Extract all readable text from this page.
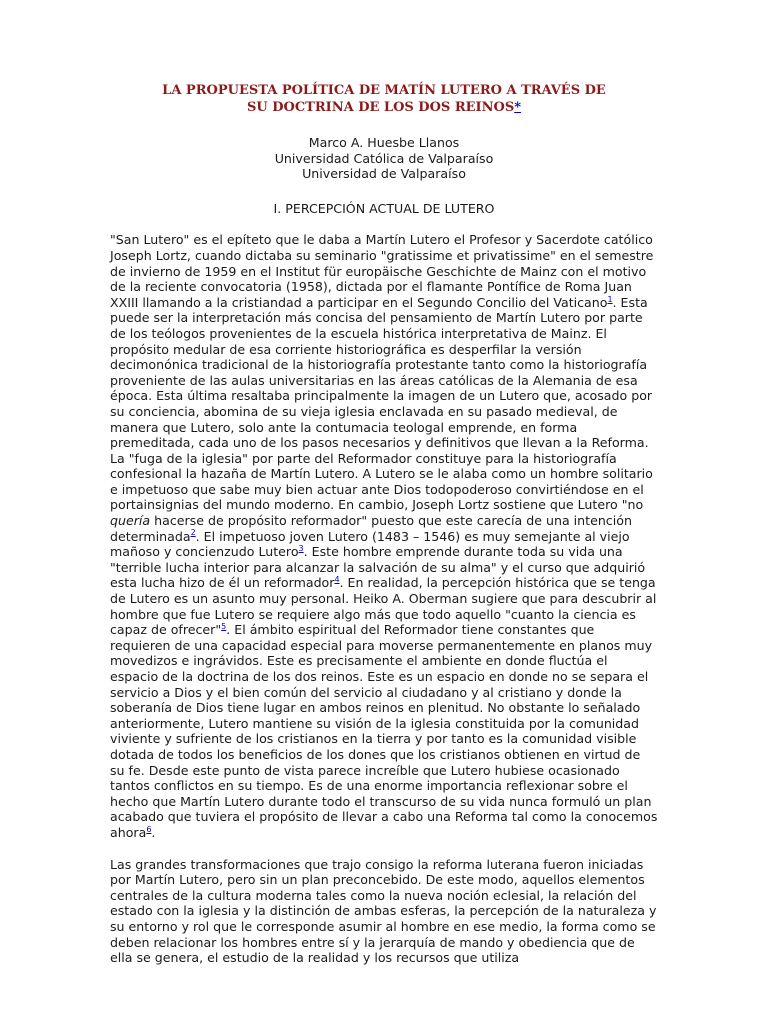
LA PROPUESTA POLÍTICA DE MATÍN LUTERO A TRAVÉS DE
SU DOCTRINA DE LOS DOS REINOS*
Marco A. Huesbe Llanos
Universidad Católica de Valparaíso
Universidad de Valparaíso
I. PERCEPCIÓN ACTUAL DE LUTERO

"San Lutero" es el epíteto que le daba a Martín Lutero el Profesor y Sacerdote católico Joseph Lortz, cuando dictaba su seminario "gratissime et privatissime" en el semestre de invierno de 1959 en el Institut für europäische Geschichte de Mainz con el motivo de la reciente convocatoria (1958), dictada por el flamante Pontífice de Roma Juan XXIII llamando a la cristiandad a participar en el Segundo Concilio del Vaticano$^1$. Esta puede ser la interpretación más concisa del pensamiento de Martín Lutero por parte de los teólogos provenientes de la escuela histórica interpretativa de Mainz. El propósito medular de esa corriente historiográfica es desperfilar la versión decimonónica tradicional de la historiografía protestante tanto como la historiografía proveniente de las aulas universitarias en las áreas católicas de la Alemania de esa época. Esta última resaltaba principalmente la imagen de un Lutero que, acosado por su conciencia, abomina de su vieja iglesia enclavada en su pasado medieval, de manera que Lutero, solo ante la contumacia teologal emprende, en forma premeditada, cada uno de los pasos necesarios y definitivos que llevan a la Reforma. La "fuga de la iglesia" por parte del Reformador constituye para la historiografía confesional la hazaña de Martín Lutero. A Lutero se le alaba como un hombre solitario e impetuoso que sabe muy bien actuar ante Dios todopoderoso convirtiéndose en el portainsignias del mundo moderno. En cambio, Joseph Lortz sostiene que Lutero "no quería hacerse de propósito reformador" puesto que este carecía de una intención determinada$^2$. El impetuoso joven Lutero (1483 – 1546) es muy semejante al viejo mañoso y concienzudo Lutero$^3$. Este hombre emprende durante toda su vida una "terrible lucha interior para alcanzar la salvación de su alma" y el curso que adquirió esta lucha hizo de él un reformador$^4$. En realidad, la percepción histórica que se tenga de Lutero es un asunto muy personal. Heiko A. Oberman sugiere que para descubrir al hombre que fue Lutero se requiere algo más que todo aquello "cuanto la ciencia es capaz de ofrecer"$^5$. El ámbito espiritual del Reformador tiene constantes que requieren de una capacidad especial para moverse permanentemente en planos muy movedizos e ingrávidos. Este es precisamente el ambiente en donde fluctúa el espacio de la doctrina de los dos reinos. Este es un espacio en donde no se separa el servicio a Dios y el bien común del servicio al ciudadano y al cristiano y donde la soberanía de Dios tiene lugar en ambos reinos en plenitud. No obstante lo señalado anteriormente, Lutero mantiene su visión de la iglesia constituida por la comunidad viviente y sufriente de los cristianos en la tierra y por tanto es la comunidad visible dotada de todos los beneficios de los dones que los cristianos obtienen en virtud de su fe. Desde este punto de vista parece increíble que Lutero hubiese ocasionado tantos conflictos en su tiempo. Es de una enorme importancia reflexionar sobre el hecho que Martín Lutero durante todo el transcurso de su vida nunca formuló un plan acabado que tuviera el propósito de llevar a cabo una Reforma tal como la conocemos ahora$^6$.

Las grandes transformaciones que trajo consigo la reforma luterana fueron iniciadas por Martín Lutero, pero sin un plan preconcebido. De este modo, aquellos elementos centrales de la cultura moderna tales como la nueva noción eclesial, la relación del estado con la iglesia y la distinción de ambas esferas, la percepción de la naturaleza y su entorno y rol que le corresponde asumir al hombre en ese medio, la forma como se deben relacionar los hombres entre sí y la jerarquía de mando y obediencia que de ella se genera, el estudio de la realidad y los recursos que utiliza
